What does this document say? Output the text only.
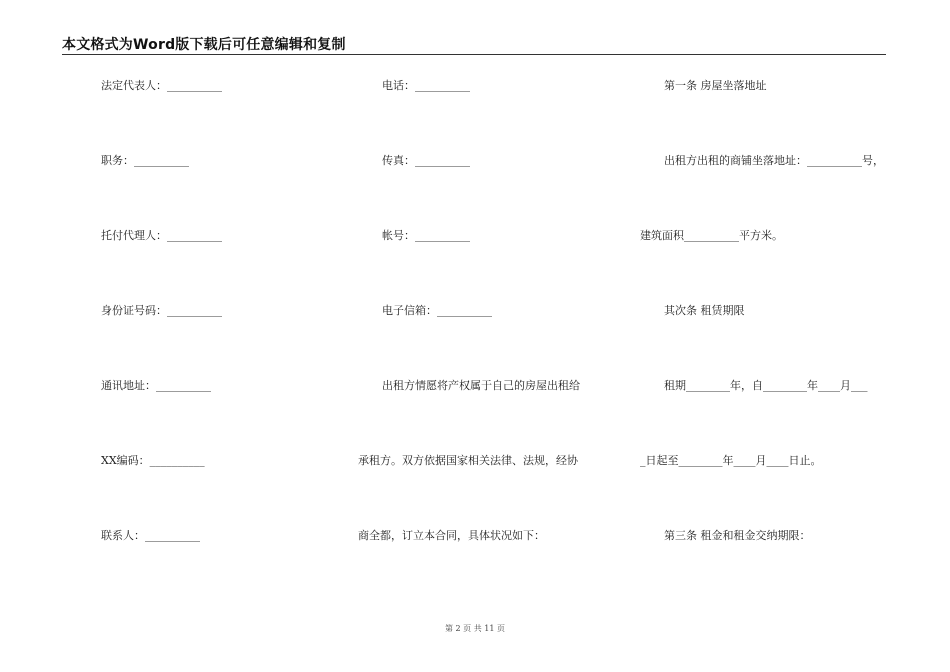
本文格式为Word版下载后可任意编辑和复制
法定代表人：__________
职务：__________
托付代理人：__________
身份证号码：__________
通讯地址：__________
XX编码：__________
联系人：__________
电话：__________
传真：__________
帐号：__________
电子信箱：__________
出租方情愿将产权属于自己的房屋出租给
承租方。双方依据国家相关法律、法规，经协
商全都，订立本合同，具体状况如下：
第一条 房屋坐落地址
出租方出租的商铺坐落地址：__________号，
建筑面积__________平方米。
其次条 租赁期限
租期________年，自________年____月___
_日起至________年____月____日止。
第三条 租金和租金交纳期限：
第 2 页 共 11 页
